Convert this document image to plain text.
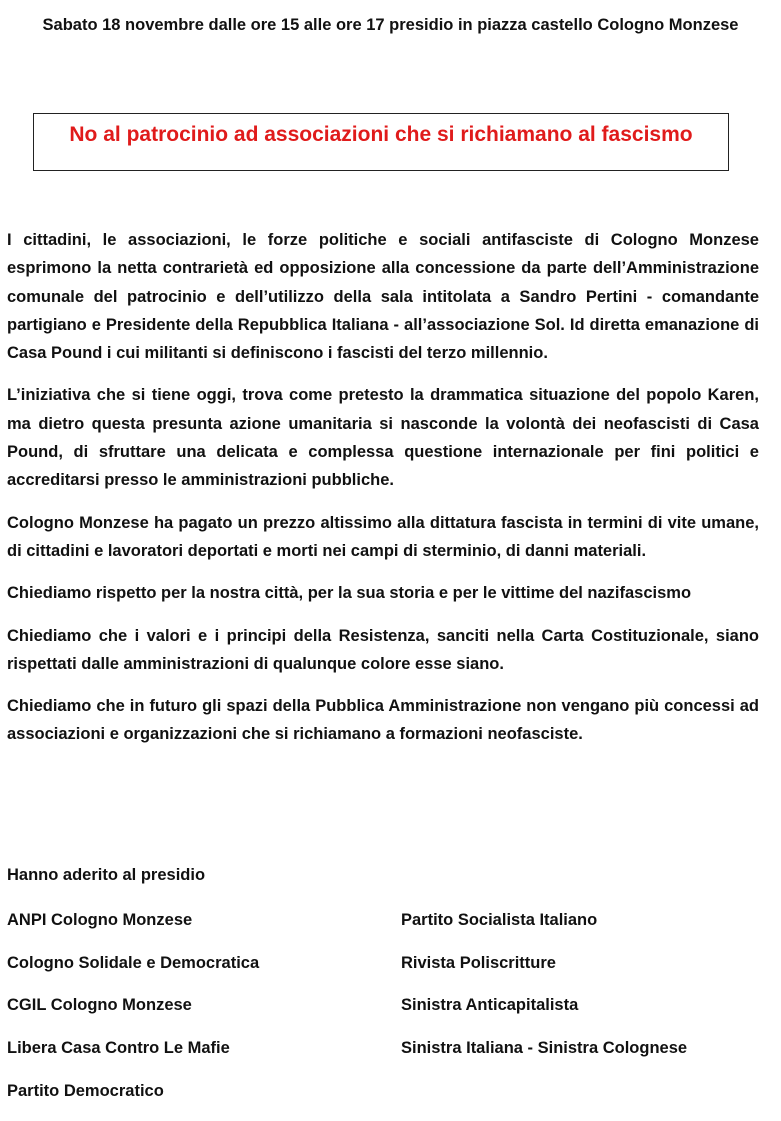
Sabato 18 novembre dalle ore 15 alle ore 17 presidio in piazza castello Cologno Monzese
No al patrocinio ad associazioni che si richiamano al fascismo

I cittadini, le associazioni, le forze politiche e sociali antifasciste di Cologno Monzese esprimono la netta contrarietà ed opposizione alla concessione da parte dell’Amministrazione comunale del patrocinio e dell’utilizzo della sala intitolata a Sandro Pertini - comandante partigiano e Presidente della Repubblica Italiana - all’associazione Sol. Id diretta emanazione di Casa Pound i cui militanti si definiscono i fascisti del terzo millennio.

L’iniziativa che si tiene oggi, trova come pretesto la drammatica situazione del popolo Karen, ma dietro questa presunta azione umanitaria si nasconde la volontà dei neofascisti di Casa Pound, di sfruttare una delicata e complessa questione internazionale per fini politici e accreditarsi presso le amministrazioni pubbliche.

Cologno Monzese ha pagato un prezzo altissimo alla dittatura fascista in termini di vite umane, di cittadini e lavoratori deportati e morti nei campi di sterminio, di danni materiali.

Chiediamo rispetto per la nostra città, per la sua storia e per le vittime del nazifascismo

Chiediamo che i valori e i principi della Resistenza, sanciti nella Carta Costituzionale, siano rispettati dalle amministrazioni di qualunque colore esse siano.

Chiediamo che in futuro gli spazi della Pubblica Amministrazione non vengano più concessi ad associazioni e organizzazioni che si richiamano a formazioni neofasciste.

Hanno aderito al presidio
ANPI Cologno Monzese
Cologno Solidale e Democratica
CGIL Cologno Monzese
Libera Casa Contro Le Mafie
Partito Democratico
Partito Socialista Italiano
Rivista Poliscritture
Sinistra Anticapitalista
Sinistra Italiana - Sinistra Colognese
